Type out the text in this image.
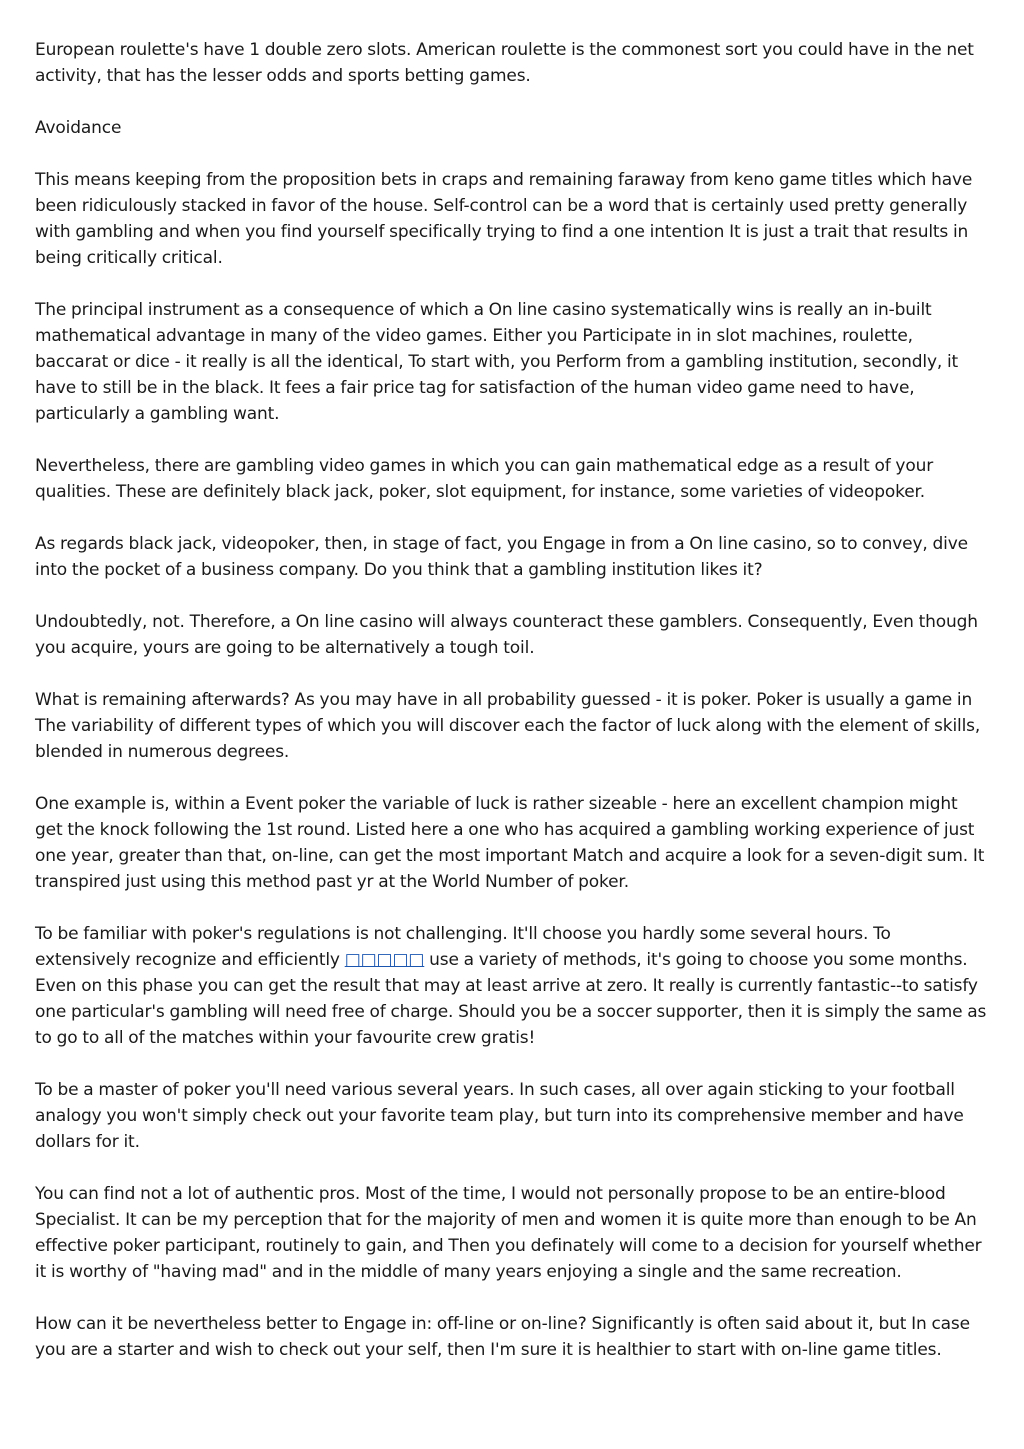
European roulette's have 1 double zero slots. American roulette is the commonest sort you could have in the net activity, that has the lesser odds and sports betting games.

Avoidance

This means keeping from the proposition bets in craps and remaining faraway from keno game titles which have been ridiculously stacked in favor of the house. Self-control can be a word that is certainly used pretty generally with gambling and when you find yourself specifically trying to find a one intention It is just a trait that results in being critically critical.

The principal instrument as a consequence of which a On line casino systematically wins is really an in-built mathematical advantage in many of the video games. Either you Participate in in slot machines, roulette, baccarat or dice - it really is all the identical, To start with, you Perform from a gambling institution, secondly, it have to still be in the black. It fees a fair price tag for satisfaction of the human video game need to have, particularly a gambling want.

Nevertheless, there are gambling video games in which you can gain mathematical edge as a result of your qualities. These are definitely black jack, poker, slot equipment, for instance, some varieties of videopoker.

As regards black jack, videopoker, then, in stage of fact, you Engage in from a On line casino, so to convey, dive into the pocket of a business company. Do you think that a gambling institution likes it?

Undoubtedly, not. Therefore, a On line casino will always counteract these gamblers. Consequently, Even though you acquire, yours are going to be alternatively a tough toil.

What is remaining afterwards? As you may have in all probability guessed - it is poker. Poker is usually a game in The variability of different types of which you will discover each the factor of luck along with the element of skills, blended in numerous degrees.

One example is, within a Event poker the variable of luck is rather sizeable - here an excellent champion might get the knock following the 1st round. Listed here a one who has acquired a gambling working experience of just one year, greater than that, on-line, can get the most important Match and acquire a look for a seven-digit sum. It transpired just using this method past yr at the World Number of poker.

To be familiar with poker's regulations is not challenging. It'll choose you hardly some several hours. To extensively recognize and efficiently □□□□□ use a variety of methods, it's going to choose you some months. Even on this phase you can get the result that may at least arrive at zero. It really is currently fantastic--to satisfy one particular's gambling will need free of charge. Should you be a soccer supporter, then it is simply the same as to go to all of the matches within your favourite crew gratis!

To be a master of poker you'll need various several years. In such cases, all over again sticking to your football analogy you won't simply check out your favorite team play, but turn into its comprehensive member and have dollars for it.

You can find not a lot of authentic pros. Most of the time, I would not personally propose to be an entire-blood Specialist. It can be my perception that for the majority of men and women it is quite more than enough to be An effective poker participant, routinely to gain, and Then you definately will come to a decision for yourself whether it is worthy of "having mad" and in the middle of many years enjoying a single and the same recreation.

How can it be nevertheless better to Engage in: off-line or on-line? Significantly is often said about it, but In case you are a starter and wish to check out your self, then I'm sure it is healthier to start with on-line game titles.
